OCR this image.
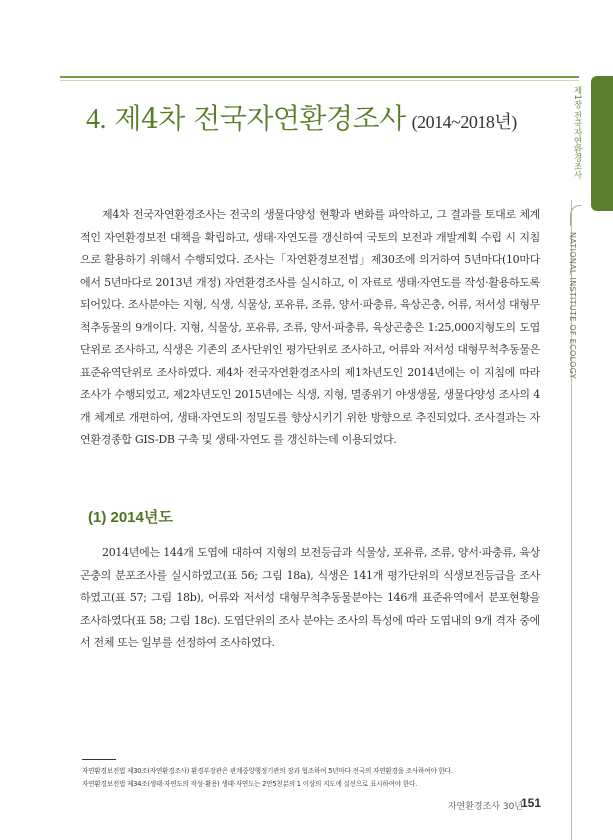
4. 제4차 전국자연환경조사 (2014~2018년)	제1장 전국자연환경조사
NATIONAL INSTITUTE OF ECOLOGY

제4차 전국자연환경조사는 전국의 생물다양성 현황과 변화를 파악하고, 그 결과를 토대로 체계적인 자연환경보전 대책을 확립하고, 생태·자연도를 갱신하여 국토의 보전과 개발계획 수립 시 지침으로 활용하기 위해서 수행되었다. 조사는「자연환경보전법」제30조에 의거하여 5년마다(10마다에서 5년마다로 2013년 개정) 자연환경조사를 실시하고, 이 자료로 생태·자연도를 작성·활용하도록 되어있다. 조사분야는 지형, 식생, 식물상, 포유류, 조류, 양서·파충류, 육상곤충, 어류, 저서성 대형무척추동물의 9개이다. 지형, 식물상, 포유류, 조류, 양서·파충류, 육상곤충은 1:25,000지형도의 도엽단위로 조사하고, 식생은 기존의 조사단위인 평가단위로 조사하고, 어류와 저서성 대형무척추동물은 표준유역단위로 조사하였다. 제4차 전국자연환경조사의 제1차년도인 2014년에는 이 지침에 따라 조사가 수행되었고, 제2차년도인 2015년에는 식생, 지형, 멸종위기 야생생물, 생물다양성 조사의 4개 체계로 개편하여, 생태·자연도의 정밀도를 향상시키기 위한 방향으로 추진되었다. 조사결과는 자연환경종합 GIS-DB 구축 및 생태·자연도 를 갱신하는데 이용되었다.

(1) 2014년도

2014년에는 144개 도엽에 대하여 지형의 보전등급과 식물상, 포유류, 조류, 양서·파충류, 육상곤충의 분포조사를 실시하였고(표 56; 그림 18a), 식생은 141개 평가단위의 식생보전등급을 조사하였고(표 57; 그림 18b), 어류와 저서성 대형무척추동물분야는 146개 표준유역에서 분포현황을 조사하였다(표 58; 그림 18c). 도엽단위의 조사 분야는 조사의 특성에 따라 도엽내의 9개 격자 중에서 전체 또는 일부를 선정하여 조사하였다.

자연환경보전법 제30조(자연환경조사) 환경부장관은 관계중앙행정기관의 장과 협조하여 5년마다 전국의 자연환경을 조사하여야 한다.

자연환경보전법 제34조(생태·자연도의 작성·활용) 생태·자연도는 2만5천분의 1 이상의 지도에 실선으로 표시하여야 한다.

자연환경조사 30년
151
